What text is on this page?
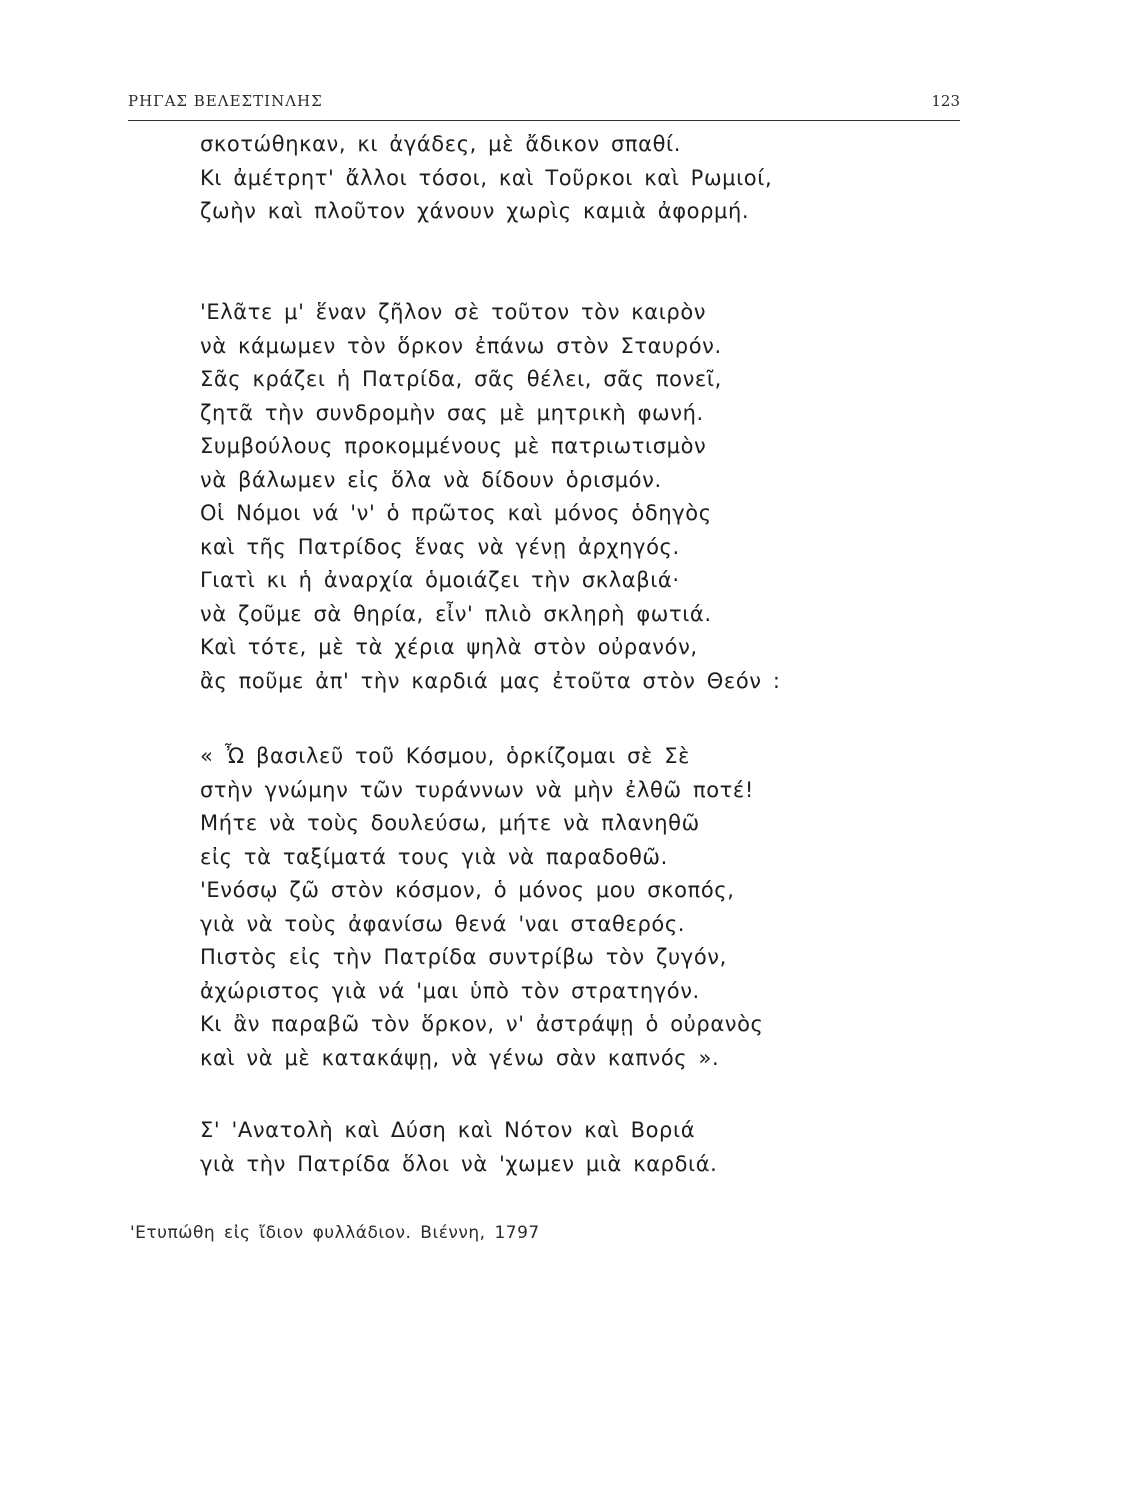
ΡΗΓΑΣ ΒΕΛΕΣΤΙΝΛΗΣ	123
σκοτώθηκαν, κι ἀγάδες, μὲ ἄδικον σπαθί.
Κι ἀμέτρητ' ἄλλοι τόσοι, καὶ Τοῦρκοι καὶ Ρωμιοί,
ζωὴν καὶ πλοῦτον χάνουν χωρὶς καμιὰ ἀφορμή.
'Ελᾶτε μ' ἕναν ζῆλον σὲ τοῦτον τὸν καιρὸν
νὰ κάμωμεν τὸν ὅρκον ἐπάνω στὸν Σταυρόν.
Σᾶς κράζει ἡ Πατρίδα, σᾶς θέλει, σᾶς πονεῖ,
ζητᾶ τὴν συνδρομὴν σας μὲ μητρικὴ φωνή.
Συμβούλους προκομμένους μὲ πατριωτισμὸν
νὰ βάλωμεν εἰς ὅλα νὰ δίδουν ὁρισμόν.
Οἱ Νόμοι νά 'ν' ὁ πρῶτος καὶ μόνος ὁδηγὸς
καὶ τῆς Πατρίδος ἕνας νὰ γένῃ ἀρχηγός.
Γιατὶ κι ἡ ἀναρχία ὁμοιάζει τὴν σκλαβιά·
νὰ ζοῦμε σὰ θηρία, εἶν' πλιὸ σκληρὴ φωτιά.
Καὶ τότε, μὲ τὰ χέρια ψηλὰ στὸν οὐρανόν,
ἂς ποῦμε ἀπ' τὴν καρδιά μας ἐτοῦτα στὸν Θεόν :
« Ὦ βασιλεῦ τοῦ Κόσμου, ὁρκίζομαι σὲ Σὲ
στὴν γνώμην τῶν τυράννων νὰ μὴν ἐλθῶ ποτέ!
Μήτε νὰ τοὺς δουλεύσω, μήτε νὰ πλανηθῶ
εἰς τὰ ταξίματά τους γιὰ νὰ παραδοθῶ.
'Ενόσῳ ζῶ στὸν κόσμον, ὁ μόνος μου σκοπός,
γιὰ νὰ τοὺς ἀφανίσω θενά 'ναι σταθερός.
Πιστὸς εἰς τὴν Πατρίδα συντρίβω τὸν ζυγόν,
ἀχώριστος γιὰ νά 'μαι ὑπὸ τὸν στρατηγόν.
Κι ἂν παραβῶ τὸν ὅρκον, ν' ἀστράψῃ ὁ οὐρανὸς
καὶ νὰ μὲ κατακάψῃ, νὰ γένω σὰν καπνός ».
Σ' 'Ανατολὴ καὶ Δύση καὶ Νότον καὶ Βοριά
γιὰ τὴν Πατρίδα ὅλοι νὰ 'χωμεν μιὰ καρδιά.
'Ετυπώθη εἰς ἴδιον φυλλάδιον. Βιέννη, 1797
